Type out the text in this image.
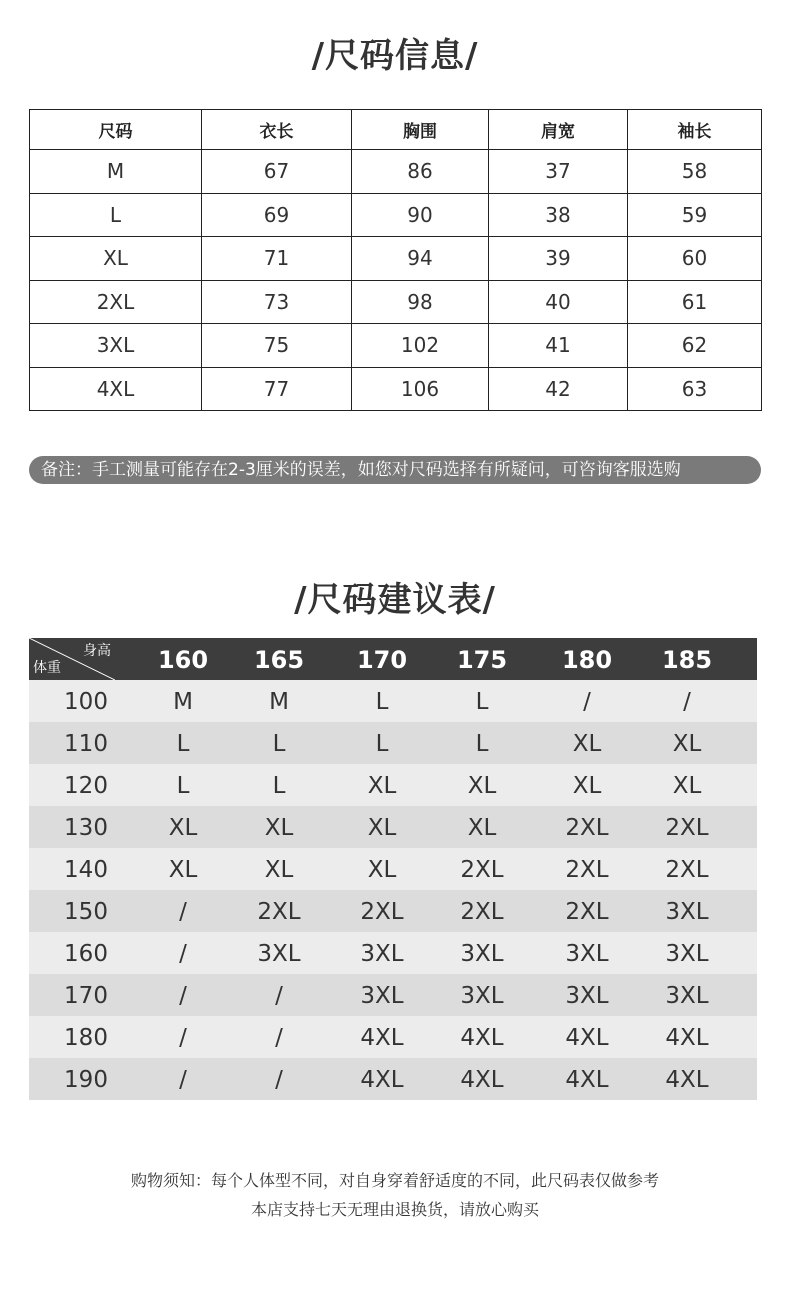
/尺码信息/
尺码	衣长	胸围	肩宽	袖长
M	67	86	37	58
L	69	90	38	59
XL	71	94	39	60
2XL	73	98	40	61
3XL	75	102	41	62
4XL	77	106	42	63
备注：手工测量可能存在2-3厘米的误差，如您对尺码选择有所疑问，可咨询客服选购
/尺码建议表/
身高
体重	160	165	170	175	180	185
100	M	M	L	L	/	/
110	L	L	L	L	XL	XL
120	L	L	XL	XL	XL	XL
130	XL	XL	XL	XL	2XL	2XL
140	XL	XL	XL	2XL	2XL	2XL
150	/	2XL	2XL	2XL	2XL	3XL
160	/	3XL	3XL	3XL	3XL	3XL
170	/	/	3XL	3XL	3XL	3XL
180	/	/	4XL	4XL	4XL	4XL
190	/	/	4XL	4XL	4XL	4XL
购物须知：每个人体型不同，对自身穿着舒适度的不同，此尺码表仅做参考
本店支持七天无理由退换货，请放心购买
